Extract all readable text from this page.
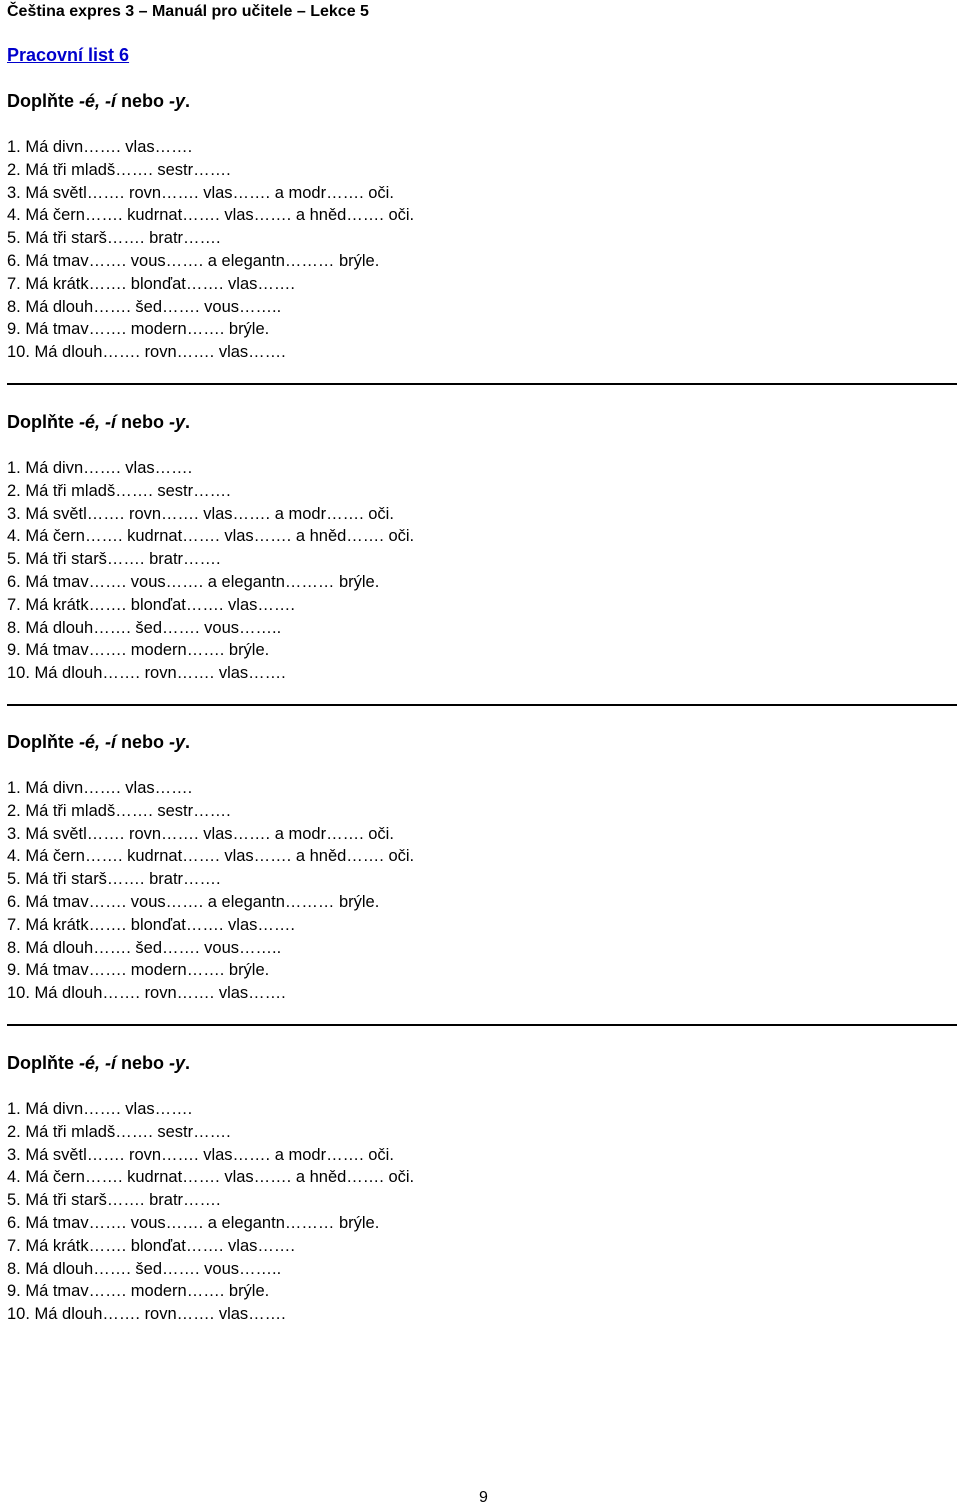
Čeština expres 3 – Manuál pro učitele – Lekce 5
Pracovní list 6

Doplňte -é, -í nebo -y.

1. Má divn……. vlas…….
2. Má tři mladš……. sestr…….
3. Má světl……. rovn……. vlas……. a modr……. oči.
4. Má čern……. kudrnat……. vlas……. a hněd……. oči.
5. Má tři starš……. bratr…….
6. Má tmav……. vous……. a elegantn……… brýle.
7. Má krátk……. blonďat……. vlas…….
8. Má dlouh……. šed……. vous……..
9. Má tmav……. modern……. brýle.
10. Má dlouh……. rovn……. vlas…….

Doplňte -é, -í nebo -y.

1. Má divn……. vlas…….
2. Má tři mladš……. sestr…….
3. Má světl……. rovn……. vlas……. a modr……. oči.
4. Má čern……. kudrnat……. vlas……. a hněd……. oči.
5. Má tři starš……. bratr…….
6. Má tmav……. vous……. a elegantn……… brýle.
7. Má krátk……. blonďat……. vlas…….
8. Má dlouh……. šed……. vous……..
9. Má tmav……. modern……. brýle.
10. Má dlouh……. rovn……. vlas…….

Doplňte -é, -í nebo -y.

1. Má divn……. vlas…….
2. Má tři mladš……. sestr…….
3. Má světl……. rovn……. vlas……. a modr……. oči.
4. Má čern……. kudrnat……. vlas……. a hněd……. oči.
5. Má tři starš……. bratr…….
6. Má tmav……. vous……. a elegantn……… brýle.
7. Má krátk……. blonďat……. vlas…….
8. Má dlouh……. šed……. vous……..
9. Má tmav……. modern……. brýle.
10. Má dlouh……. rovn……. vlas…….

Doplňte -é, -í nebo -y.

1. Má divn……. vlas…….
2. Má tři mladš……. sestr…….
3. Má světl……. rovn……. vlas……. a modr……. oči.
4. Má čern……. kudrnat……. vlas……. a hněd……. oči.
5. Má tři starš……. bratr…….
6. Má tmav……. vous……. a elegantn……… brýle.
7. Má krátk……. blonďat……. vlas…….
8. Má dlouh……. šed……. vous……..
9. Má tmav……. modern……. brýle.
10. Má dlouh……. rovn……. vlas…….
9
